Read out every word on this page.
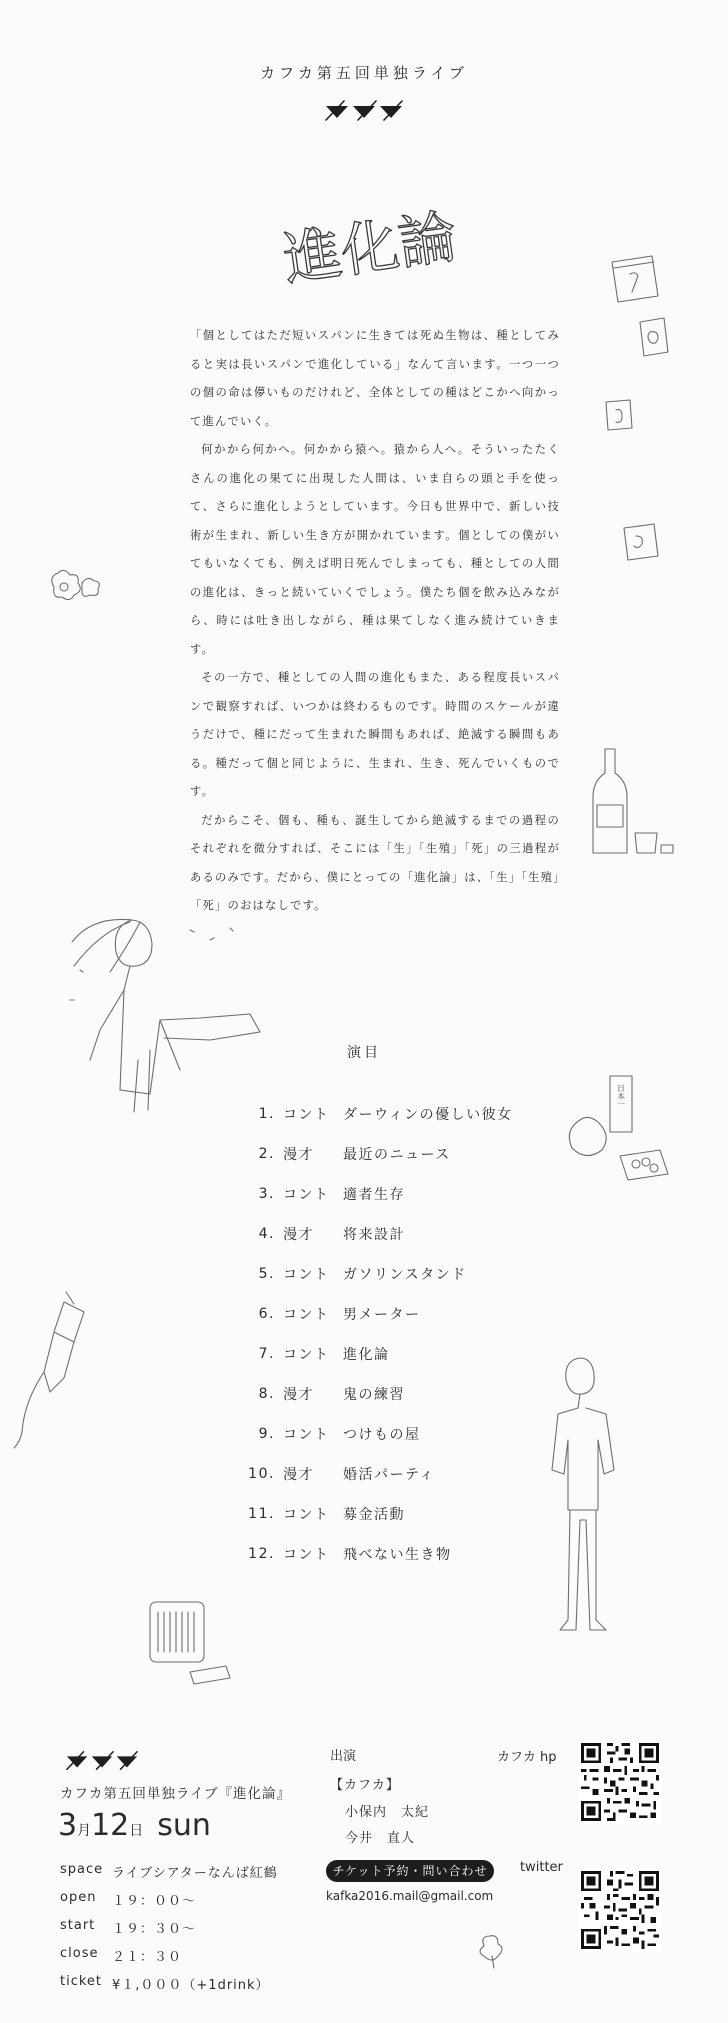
カフカ第五回単独ライブ
進化論

「個としてはただ短いスパンに生きては死ぬ生物は、種としてみると実は長いスパンで進化している」なんて言います。一つ一つの個の命は儚いものだけれど、全体としての種はどこかへ向かって進んでいく。

何かから何かへ。何かから猿へ。猿から人へ。そういったたくさんの進化の果てに出現した人間は、いま自らの頭と手を使って、さらに進化しようとしています。今日も世界中で、新しい技術が生まれ、新しい生き方が開かれています。個としての僕がいてもいなくても、例えば明日死んでしまっても、種としての人間の進化は、きっと続いていくでしょう。僕たち個を飲み込みながら、時には吐き出しながら、種は果てしなく進み続けていきます。

その一方で、種としての人間の進化もまた、ある程度長いスパンで観察すれば、いつかは終わるものです。時間のスケールが違うだけで、種にだって生まれた瞬間もあれば、絶滅する瞬間もある。種だって個と同じように、生まれ、生き、死んでいくものです。

だからこそ、個も、種も、誕生してから絶滅するまでの過程のそれぞれを微分すれば、そこには「生」「生殖」「死」の三過程があるのみです。だから、僕にとっての「進化論」は、「生」「生殖」「死」のおはなしです。

日本一
演目
1 . コント ダーウィンの優しい彼女
2 . 漫才	最近のニュース
3 . コント 適者生存
4 . 漫才	将来設計
5 . コント ガソリンスタンド
6 . コント 男メーター
7 . コント 進化論
8 . 漫才	鬼の練習
9 . コント つけもの屋
10 . 漫才	婚活パーティ
11 . コント 募金活動
12 . コント 飛べない生き物
カフカ第五回単独ライブ『進化論』
3月12日 sun
space ライブシアターなんば紅鶴
open	１９：００〜
start	１９：３０〜
close	２１：３０
ticket ¥１,０００（+1drink）
出演
【カフカ】
小保内　太紀
今井　直人
チケット予約・問い合わせ
kafka2016.mail@gmail.com
カフカ hp
twitter
